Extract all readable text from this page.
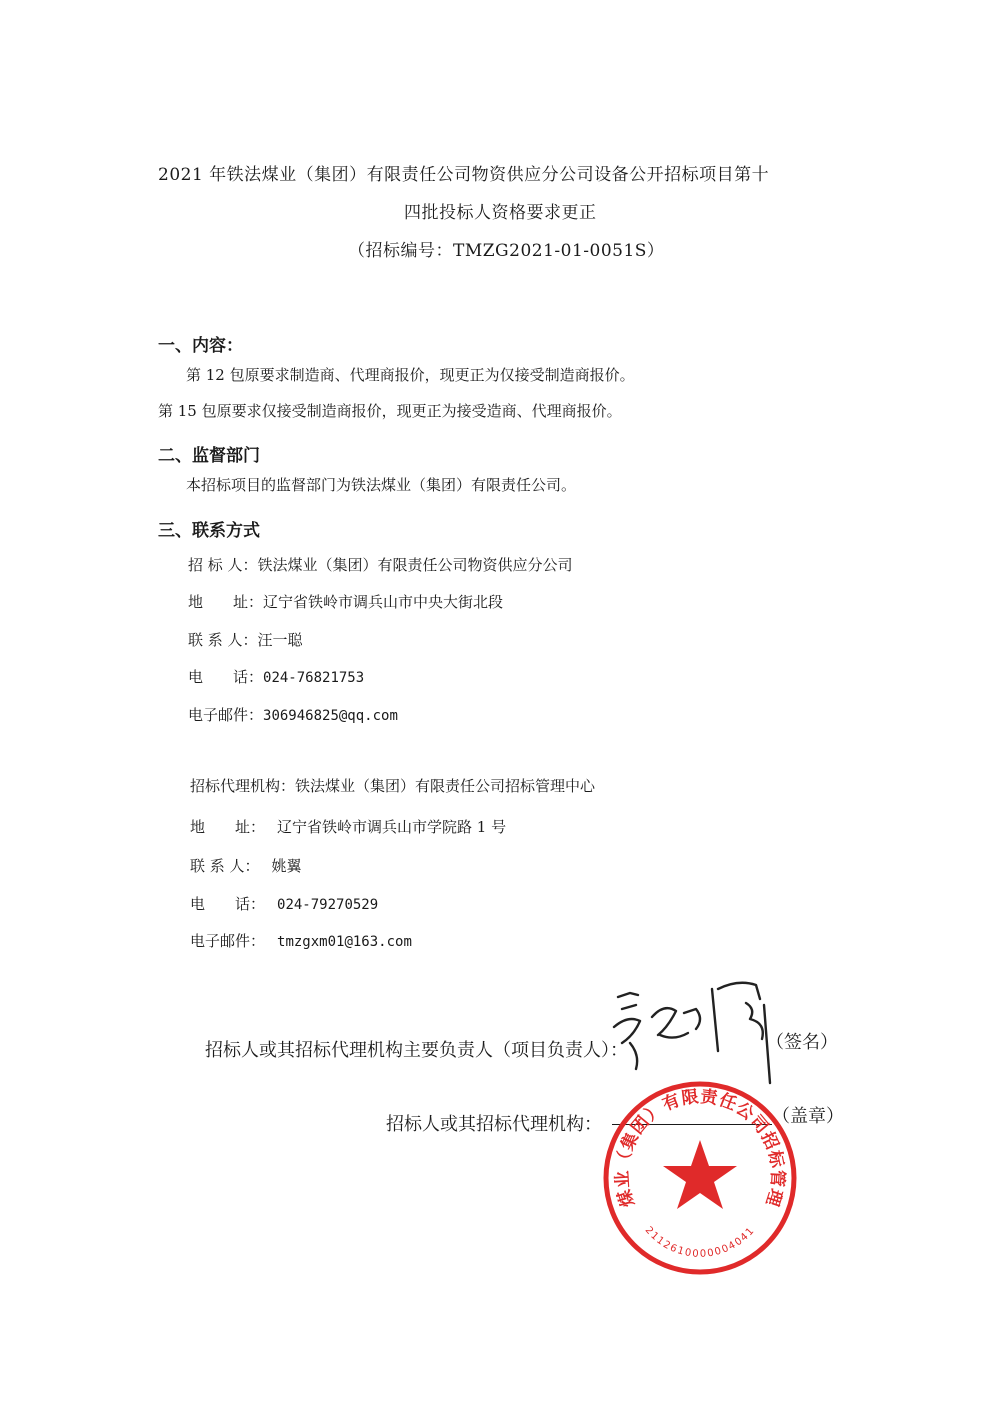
2021 年铁法煤业（集团）有限责任公司物资供应分公司设备公开招标项目第十
四批投标人资格要求更正
（招标编号：TMZG2021-01-0051S）
一、内容：
第 12 包原要求制造商、代理商报价，现更正为仅接受制造商报价。
第 15 包原要求仅接受制造商报价，现更正为接受造商、代理商报价。
二、监督部门
本招标项目的监督部门为铁法煤业（集团）有限责任公司。
三、联系方式
招 标 人：铁法煤业（集团）有限责任公司物资供应分公司
地　　址：辽宁省铁岭市调兵山市中央大街北段
联 系 人：汪一聪
电　　话：024-76821753
电子邮件：306946825@qq.com
招标代理机构：铁法煤业（集团）有限责任公司招标管理中心
地　　址： 辽宁省铁岭市调兵山市学院路 1 号
联 系 人： 姚翼
电　　话： 024-79270529
电子邮件： tmzgxm01@163.com
招标人或其招标代理机构主要负责人（项目负责人）：	（签名）
招标人或其招标代理机构：	（盖章）
铁法煤业（集团）有限责任公司招标管理中心
2112610000004041
